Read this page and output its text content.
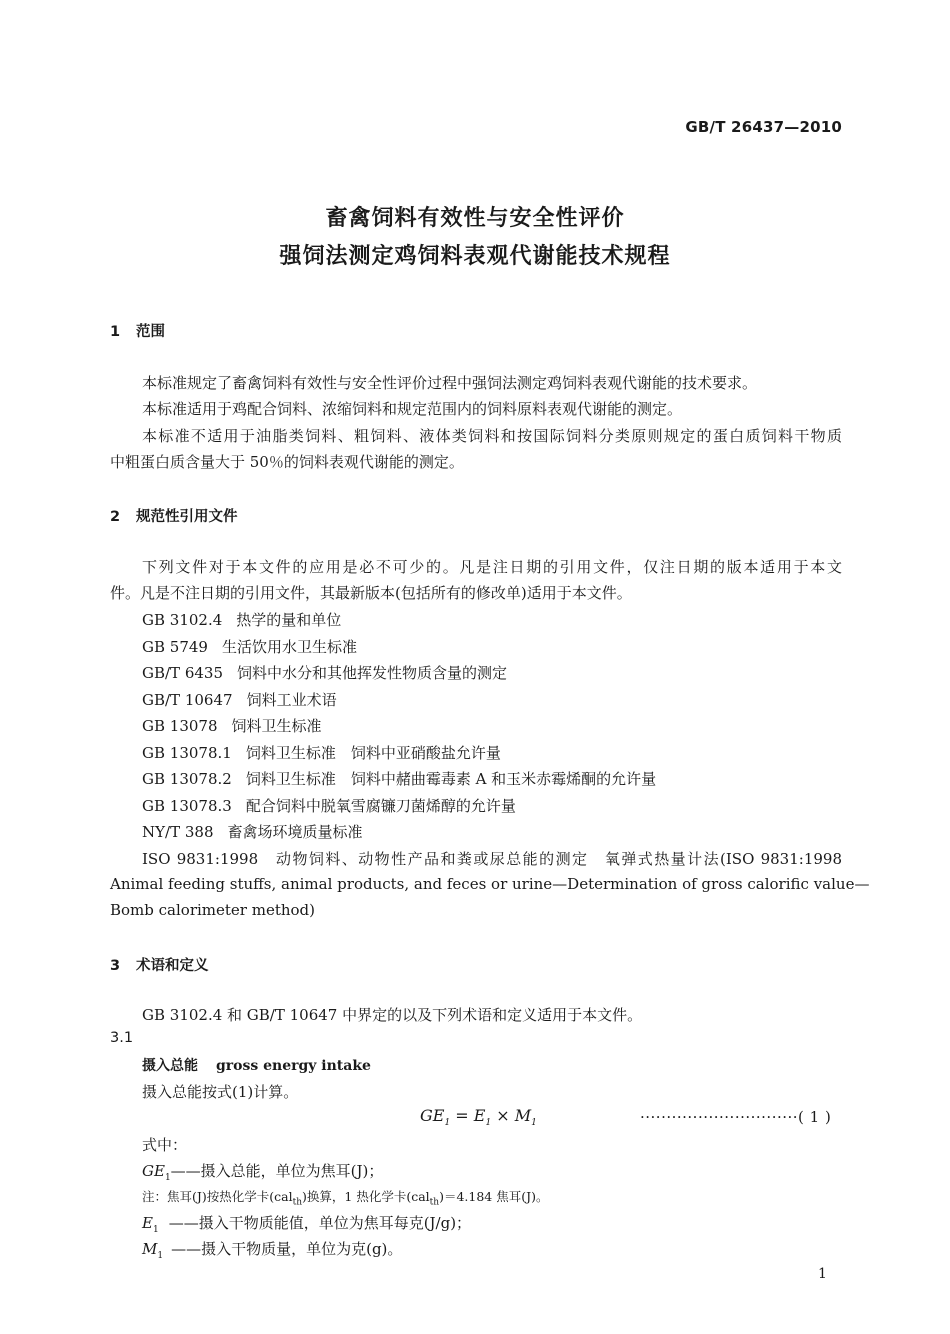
GB/T 26437—2010
畜禽饲料有效性与安全性评价
强饲法测定鸡饲料表观代谢能技术规程
1 范围
本标准规定了畜禽饲料有效性与安全性评价过程中强饲法测定鸡饲料表观代谢能的技术要求。
本标准适用于鸡配合饲料、浓缩饲料和规定范围内的饲料原料表观代谢能的测定。
本标准不适用于油脂类饲料、粗饲料、液体类饲料和按国际饲料分类原则规定的蛋白质饲料干物质
中粗蛋白质含量大于 50％的饲料表观代谢能的测定。
2 规范性引用文件
下列文件对于本文件的应用是必不可少的。凡是注日期的引用文件，仅注日期的版本适用于本文
件。凡是不注日期的引用文件，其最新版本(包括所有的修改单)适用于本文件。
GB 3102.4 热学的量和单位
GB 5749 生活饮用水卫生标准
GB/T 6435 饲料中水分和其他挥发性物质含量的测定
GB/T 10647 饲料工业术语
GB 13078 饲料卫生标准
GB 13078.1 饲料卫生标准　饲料中亚硝酸盐允许量
GB 13078.2 饲料卫生标准　饲料中赭曲霉毒素 A 和玉米赤霉烯酮的允许量
GB 13078.3 配合饲料中脱氧雪腐镰刀菌烯醇的允许量
NY/T 388 畜禽场环境质量标准
ISO 9831:1998　动物饲料、动物性产品和粪或尿总能的测定　氧弹式热量计法(ISO 9831:1998
Animal feeding stuffs, animal products, and feces or urine—Determination of gross calorific value—
Bomb calorimeter method)
3 术语和定义
GB 3102.4 和 GB/T 10647 中界定的以及下列术语和定义适用于本文件。
3.1
摄入总能 gross energy intake
摄入总能按式(1)计算。
$GE_1 = E_1 \times M_1$	······························( 1 )
式中：
$GE_1——$摄入总能，单位为焦耳(J)；
注：焦耳(J)按热化学卡(cal$_{th}$)换算，1 热化学卡(cal$_{th}$)＝4.184 焦耳(J)。
$E_1$ ——摄入干物质能值，单位为焦耳每克(J/g)；
$M_1$ ——摄入干物质量，单位为克(g)。
1
